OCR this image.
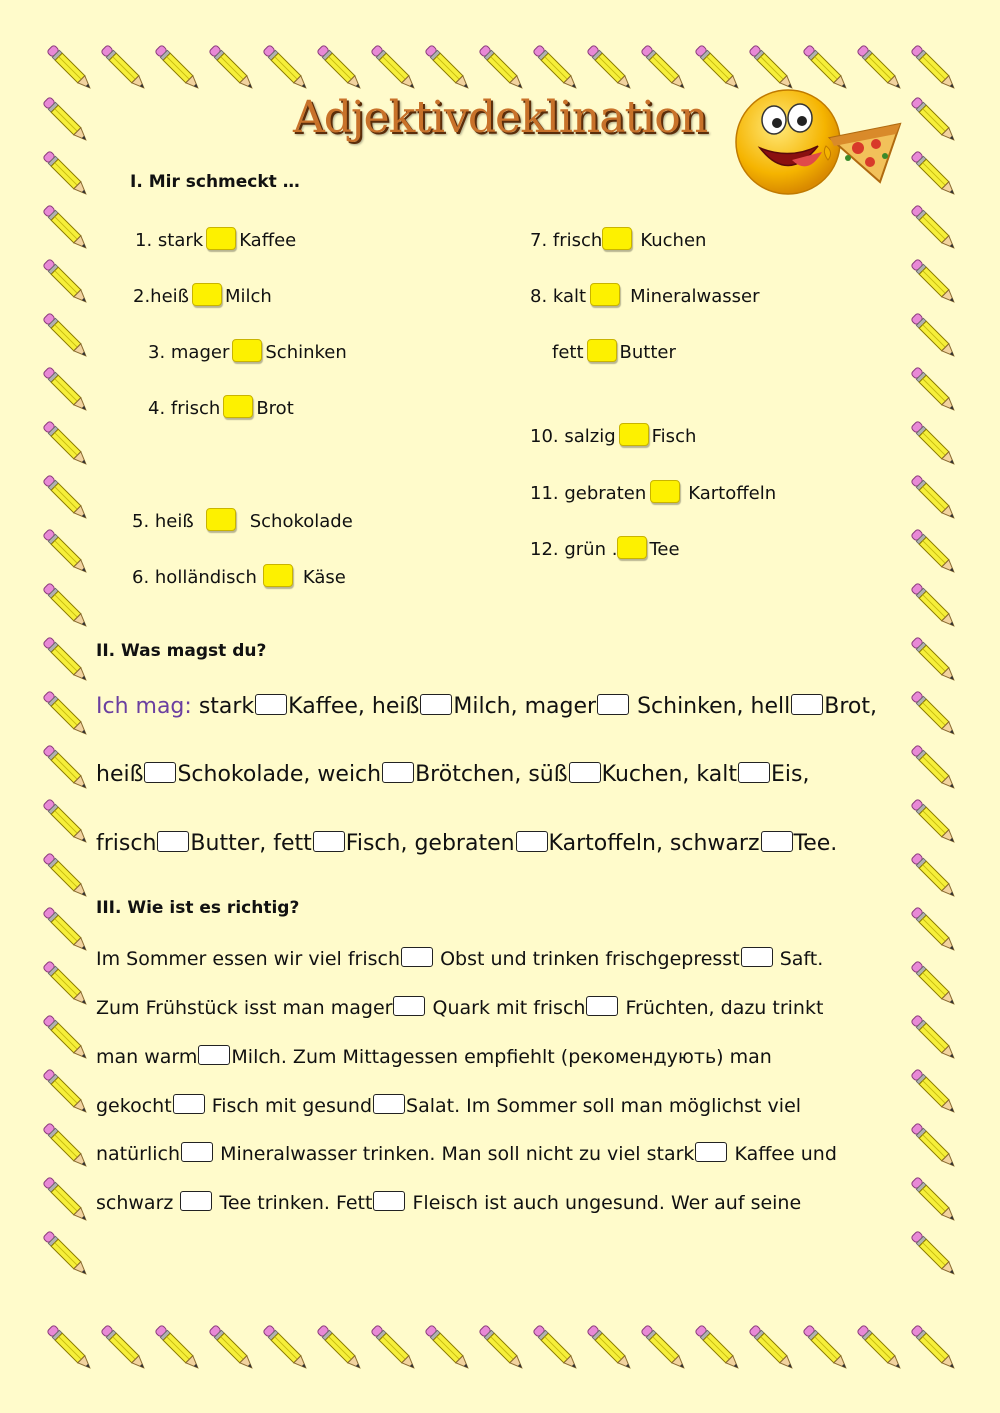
Adjektivdeklination
I. Mir schmeckt …
1. stark Kaffee
2.heiß Milch
3. mager Schinken
4. frisch Brot
5. heiß	Schokolade
6. holländisch	Käse
7. frisch Kuchen
8. kalt Mineralwasser
fett Butter
10. salzig Fisch
11. gebraten Kartoffeln
12. grün . Tee
II. Was magst du?
Ich mag: stark Kaffee, heiß Milch, mager Schinken, hell Brot,
heiß Schokolade, weich Brötchen, süß Kuchen, kalt Eis,
frisch Butter, fett Fisch, gebraten Kartoffeln, schwarz Tee.
III. Wie ist es richtig?
Im Sommer essen wir viel frisch Obst und trinken frischgepresst Saft.
Zum Frühstück isst man mager Quark mit frisch Früchten, dazu trinkt
man warm Milch. Zum Mittagessen empfiehlt (рекомендують) man
gekocht Fisch mit gesund Salat. Im Sommer soll man möglichst viel
natürlich Mineralwasser trinken. Man soll nicht zu viel stark Kaffee und
schwarz Tee trinken. Fett Fleisch ist auch ungesund. Wer auf seine
